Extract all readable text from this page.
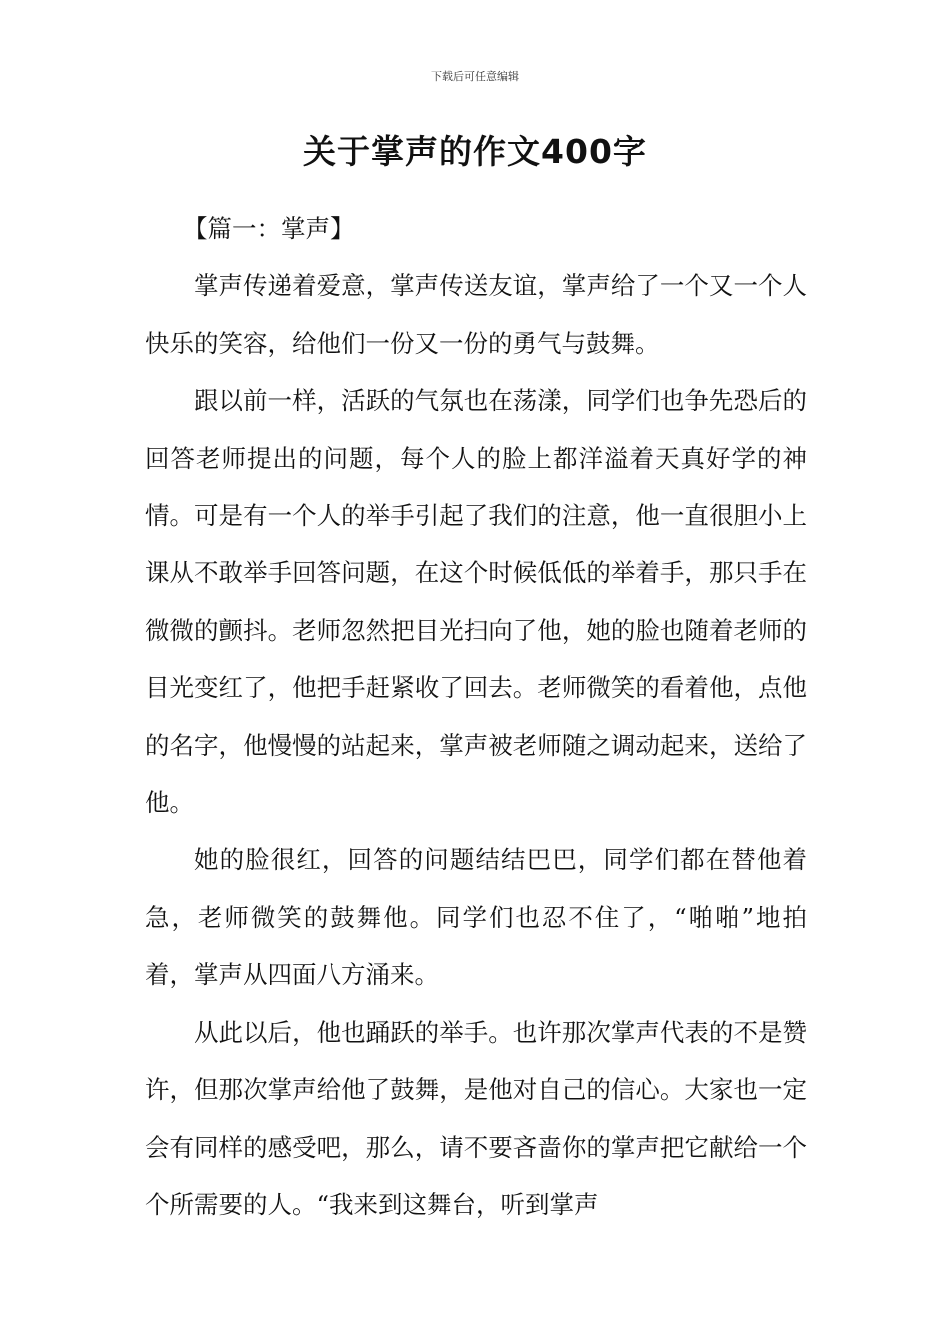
下载后可任意编辑
关于掌声的作文400字

【篇一：掌声】

掌声传递着爱意，掌声传送友谊，掌声给了一个又一个人快乐的笑容，给他们一份又一份的勇气与鼓舞。

跟以前一样，活跃的气氛也在荡漾，同学们也争先恐后的回答老师提出的问题，每个人的脸上都洋溢着天真好学的神情。可是有一个人的举手引起了我们的注意，他一直很胆小上课从不敢举手回答问题，在这个时候低低的举着手，那只手在微微的颤抖。老师忽然把目光扫向了他，她的脸也随着老师的目光变红了，他把手赶紧收了回去。老师微笑的看着他，点他的名字，他慢慢的站起来，掌声被老师随之调动起来，送给了他。

她的脸很红，回答的问题结结巴巴，同学们都在替他着急，老师微笑的鼓舞他。同学们也忍不住了，“啪啪”地拍着，掌声从四面八方涌来。

从此以后，他也踊跃的举手。也许那次掌声代表的不是赞许，但那次掌声给他了鼓舞，是他对自己的信心。大家也一定会有同样的感受吧，那么，请不要吝啬你的掌声把它献给一个个所需要的人。“我来到这舞台，听到掌声
